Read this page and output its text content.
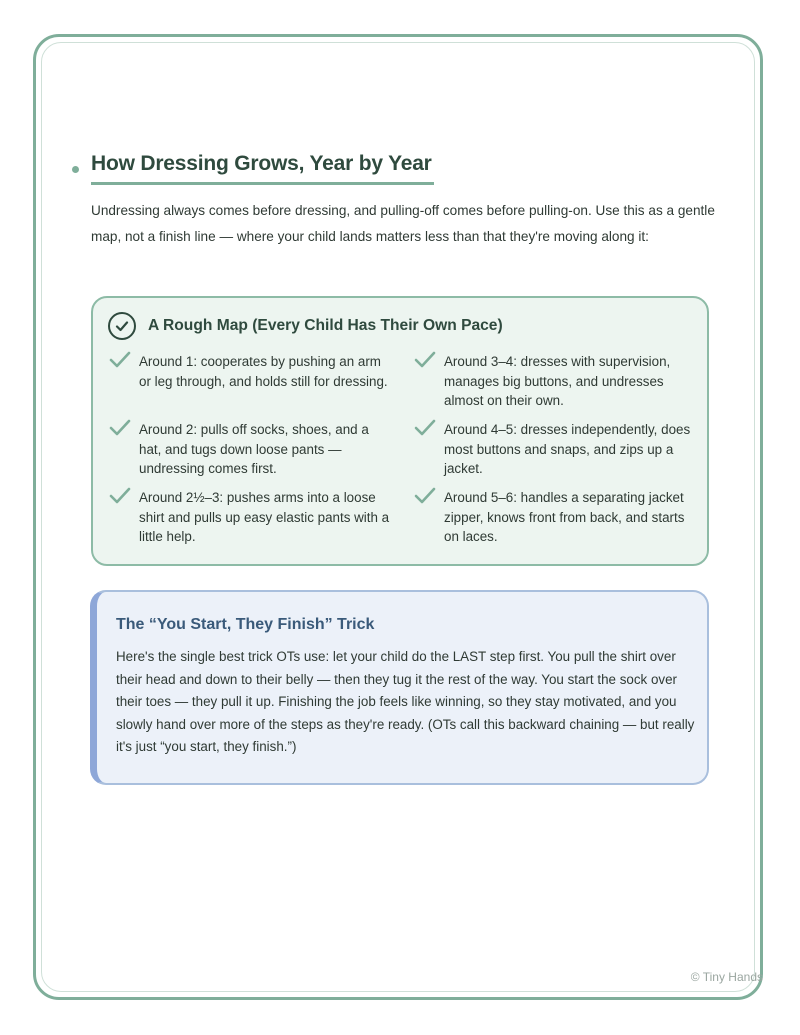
How Dressing Grows, Year by Year

Undressing always comes before dressing, and pulling-off comes before pulling-on. Use this as a gentle map, not a finish line — where your child lands matters less than that they're moving along it:

A Rough Map (Every Child Has Their Own Pace)
Around 1: cooperates by pushing an arm or leg through, and holds still for dressing.
Around 2: pulls off socks, shoes, and a hat, and tugs down loose pants — undressing comes first.
Around 2½–3: pushes arms into a loose shirt and pulls up easy elastic pants with a little help.
Around 3–4: dresses with supervision, manages big buttons, and undresses almost on their own.
Around 4–5: dresses independently, does most buttons and snaps, and zips up a jacket.
Around 5–6: handles a separating jacket zipper, knows front from back, and starts on laces.
The “You Start, They Finish” Trick

Here's the single best trick OTs use: let your child do the LAST step first. You pull the shirt over their head and down to their belly — then they tug it the rest of the way. You start the sock over their toes — they pull it up. Finishing the job feels like winning, so they stay motivated, and you slowly hand over more of the steps as they're ready. (OTs call this backward chaining — but really it's just “you start, they finish.”)

© Tiny Hands
